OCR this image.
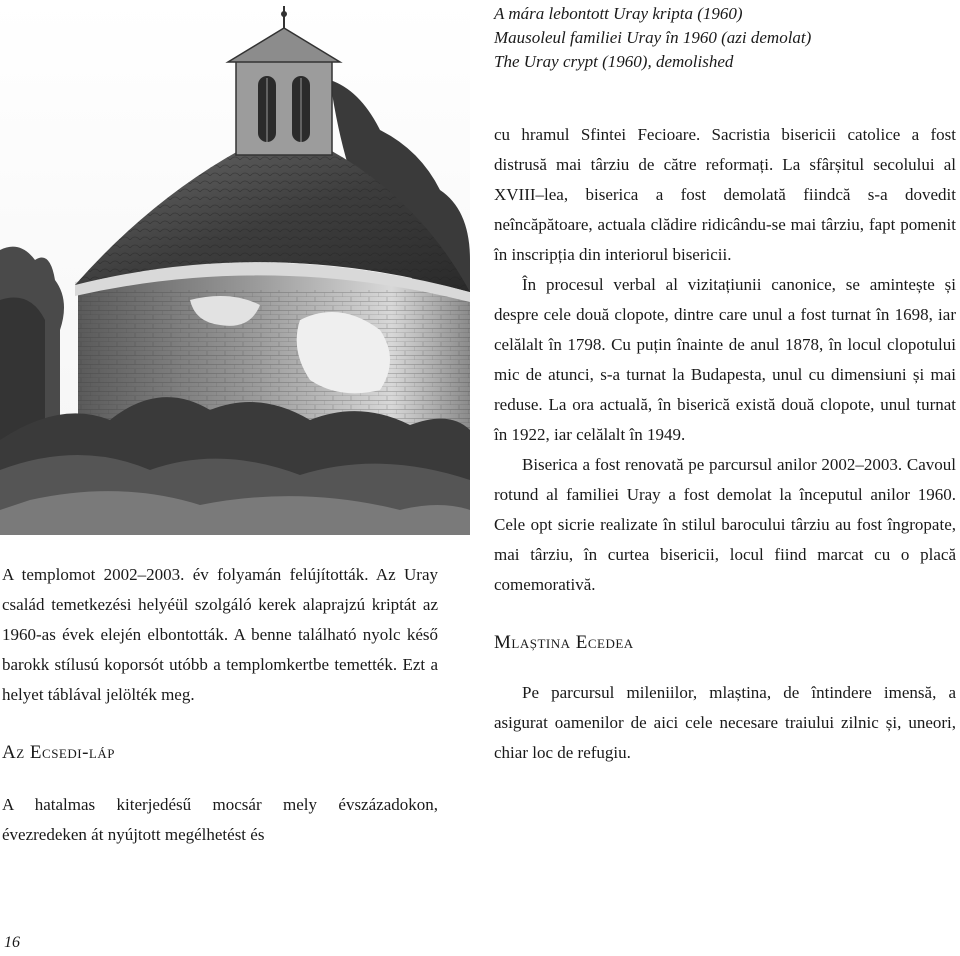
A mára lebontott Uray kripta (1960)
Mausoleul familiei Uray în 1960 (azi demolat)
The Uray crypt (1960), demolished

A templomot 2002–2003. év folyamán felújították. Az Uray család temetkezési helyéül szolgáló kerek alaprajzú kriptát az 1960-as évek elején elbontották. A benne található nyolc késő barokk stílusú koporsót utóbb a templomkertbe temették. Ezt a helyet táblával jelölték meg.

Az Ecsedi-láp

A hatalmas kiterjedésű mocsár mely évszázadokon, évezredeken át nyújtott megélhetést és

cu hramul Sfintei Fecioare. Sacristia bisericii catolice a fost distrusă mai târziu de către reformați. La sfârșitul secolului al XVIII–lea, biserica a fost demolată fiindcă s-a dovedit neîncăpătoare, actuala clădire ridicându-se mai târziu, fapt pomenit în inscripția din interiorul bisericii.

În procesul verbal al vizitațiunii canonice, se amintește și despre cele două clopote, dintre care unul a fost turnat în 1698, iar celălalt în 1798. Cu puțin înainte de anul 1878, în locul clopotului mic de atunci, s-a turnat la Budapesta, unul cu dimensiuni și mai reduse. La ora actuală, în biserică există două clopote, unul turnat în 1922, iar celălalt în 1949.

Biserica a fost renovată pe parcursul anilor 2002–2003. Cavoul rotund al familiei Uray a fost demolat la începutul anilor 1960. Cele opt sicrie realizate în stilul barocului târziu au fost îngropate, mai târziu, în curtea bisericii, locul fiind marcat cu o placă comemorativă.

Mlaștina Ecedea

Pe parcursul mileniilor, mlaștina, de întindere imensă, a asigurat oamenilor de aici cele necesare traiului zilnic și, uneori, chiar loc de refugiu.

16
